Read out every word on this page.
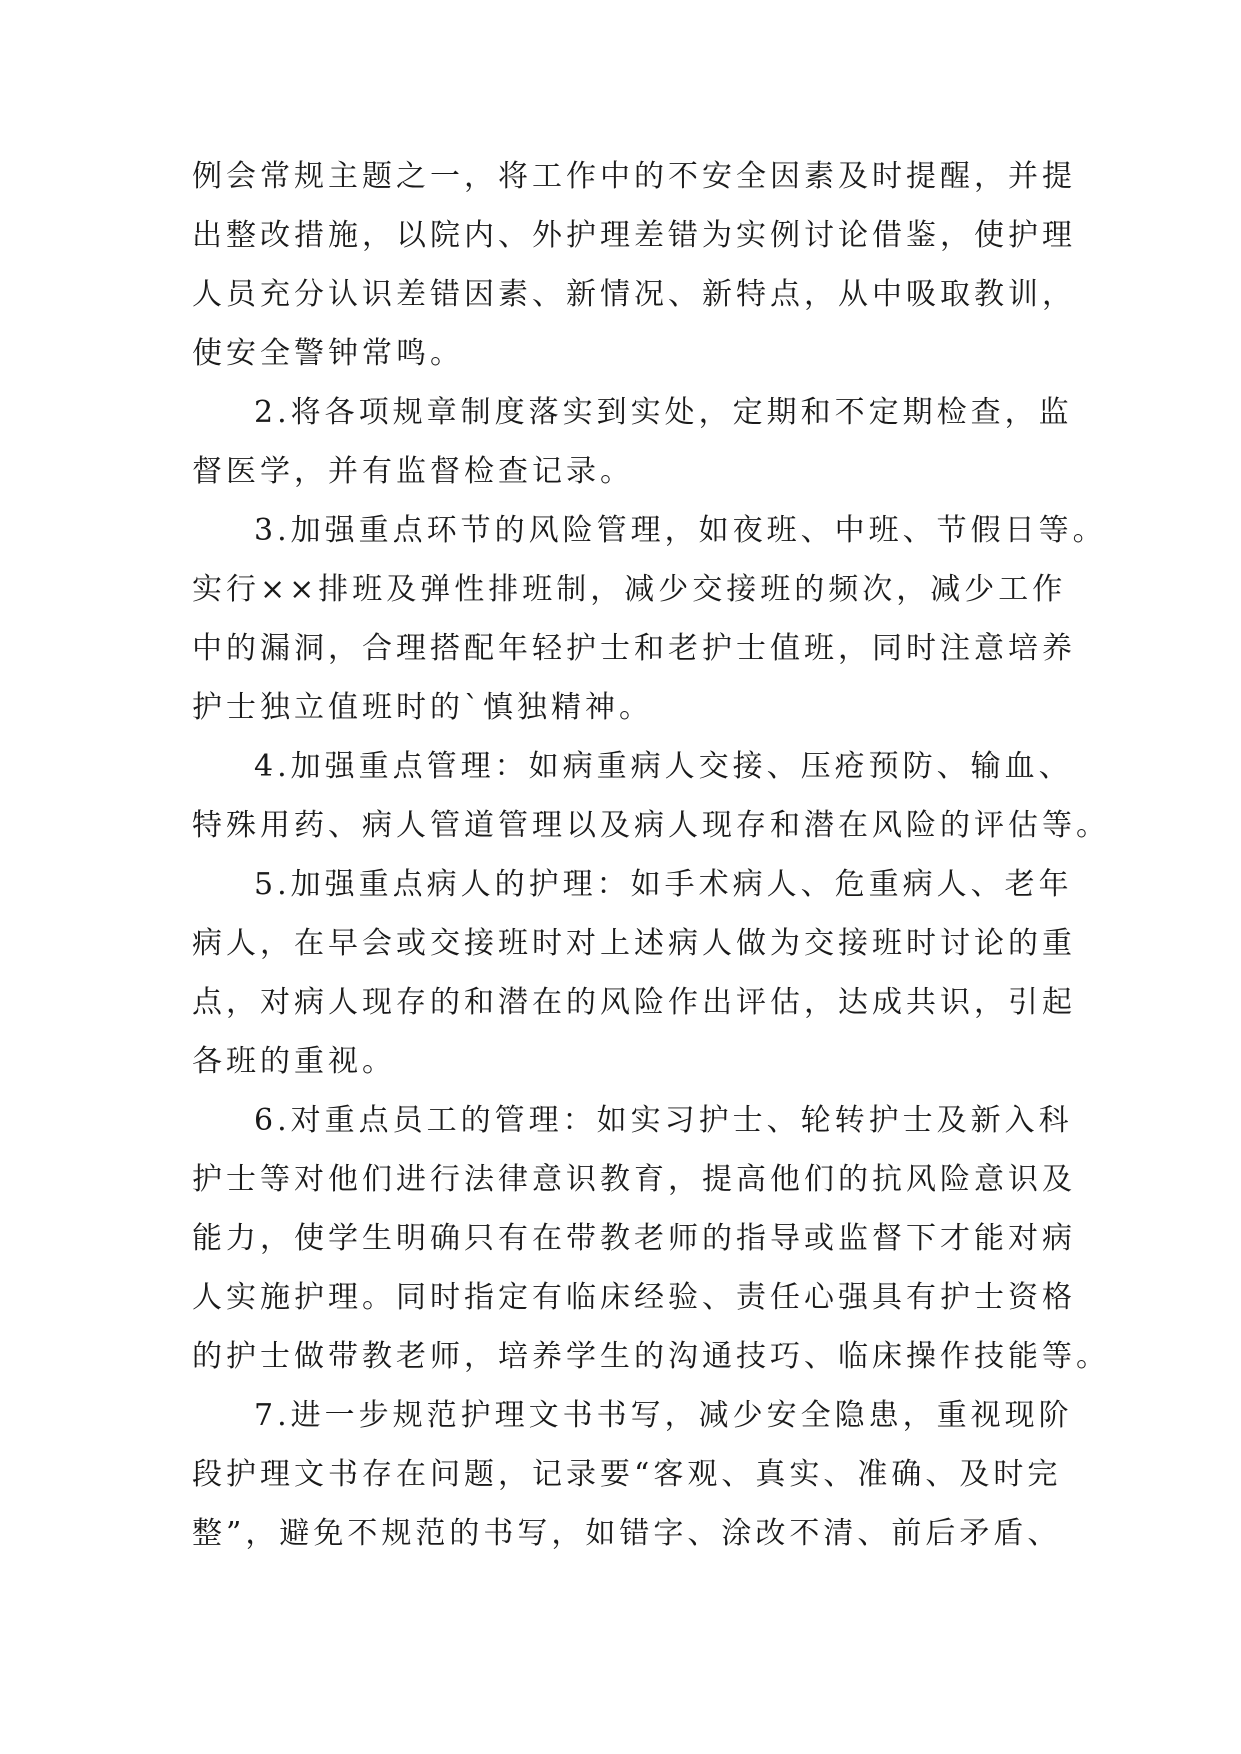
例会常规主题之一，将工作中的不安全因素及时提醒，并提
出整改措施，以院内、外护理差错为实例讨论借鉴，使护理
人员充分认识差错因素、新情况、新特点，从中吸取教训，
使安全警钟常鸣。
2.将各项规章制度落实到实处，定期和不定期检查，监
督医学，并有监督检查记录。
3.加强重点环节的风险管理，如夜班、中班、节假日等。
实行××排班及弹性排班制，减少交接班的频次，减少工作
中的漏洞，合理搭配年轻护士和老护士值班，同时注意培养
护士独立值班时的`慎独精神。
4.加强重点管理：如病重病人交接、压疮预防、输血、
特殊用药、病人管道管理以及病人现存和潜在风险的评估等。
5.加强重点病人的护理：如手术病人、危重病人、老年
病人，在早会或交接班时对上述病人做为交接班时讨论的重
点，对病人现存的和潜在的风险作出评估，达成共识，引起
各班的重视。
6.对重点员工的管理：如实习护士、轮转护士及新入科
护士等对他们进行法律意识教育，提高他们的抗风险意识及
能力，使学生明确只有在带教老师的指导或监督下才能对病
人实施护理。同时指定有临床经验、责任心强具有护士资格
的护士做带教老师，培养学生的沟通技巧、临床操作技能等。
7.进一步规范护理文书书写，减少安全隐患，重视现阶
段护理文书存在问题，记录要“客观、真实、准确、及时完
整”，避免不规范的书写，如错字、涂改不清、前后矛盾、
